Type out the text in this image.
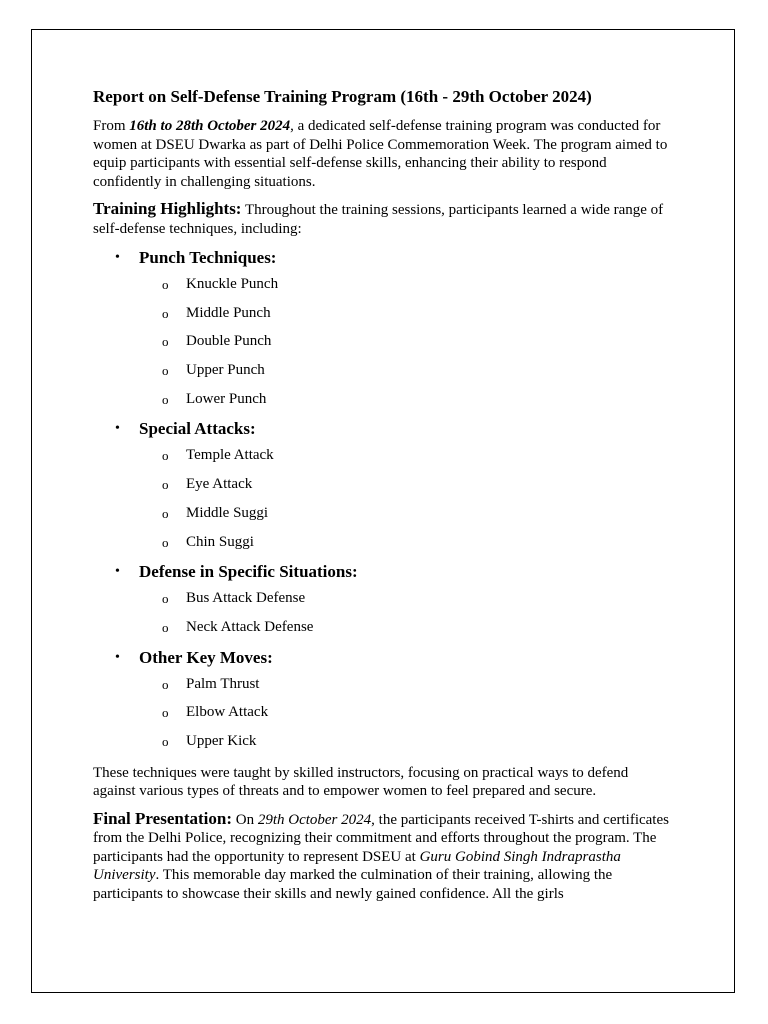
Report on Self-Defense Training Program (16th - 29th October 2024)

From 16th to 28th October 2024, a dedicated self-defense training program was conducted for women at DSEU Dwarka as part of Delhi Police Commemoration Week. The program aimed to equip participants with essential self-defense skills, enhancing their ability to respond confidently in challenging situations.

Training Highlights: Throughout the training sessions, participants learned a wide range of self-defense techniques, including:

• Punch Techniques:
o Knuckle Punch
o Middle Punch
o Double Punch
o Upper Punch
o Lower Punch
• Special Attacks:
o Temple Attack
o Eye Attack
o Middle Suggi
o Chin Suggi
• Defense in Specific Situations:
o Bus Attack Defense
o Neck Attack Defense
• Other Key Moves:
o Palm Thrust
o Elbow Attack
o Upper Kick

These techniques were taught by skilled instructors, focusing on practical ways to defend against various types of threats and to empower women to feel prepared and secure.

Final Presentation: On 29th October 2024, the participants received T-shirts and certificates from the Delhi Police, recognizing their commitment and efforts throughout the program. The participants had the opportunity to represent DSEU at Guru Gobind Singh Indraprastha University. This memorable day marked the culmination of their training, allowing the participants to showcase their skills and newly gained confidence. All the girls
